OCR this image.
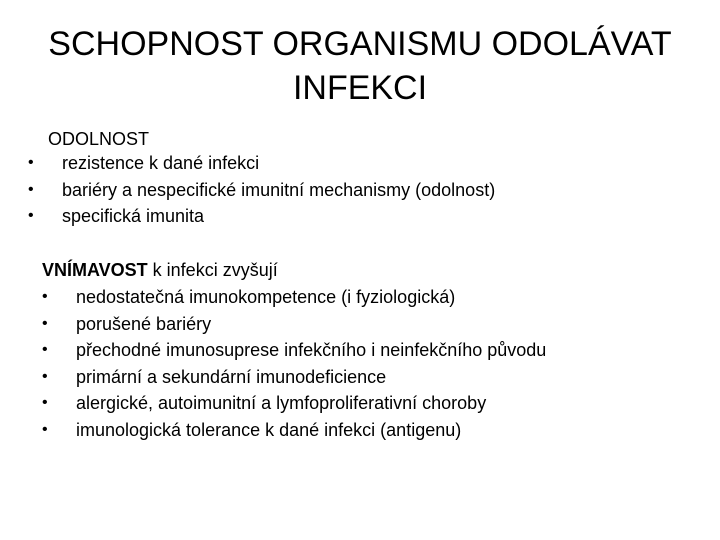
SCHOPNOST ORGANISMU ODOLÁVAT INFEKCI

ODOLNOST

• rezistence k dané infekci
• bariéry a nespecifické imunitní mechanismy (odolnost)
• specifická imunita

VNÍMAVOST k infekci zvyšují

• nedostatečná imunokompetence (i fyziologická)
• porušené bariéry
• přechodné imunosuprese infekčního i neinfekčního původu
• primární a sekundární imunodeficience
• alergické, autoimunitní a lymfoproliferativní choroby
• imunologická tolerance k dané infekci (antigenu)
